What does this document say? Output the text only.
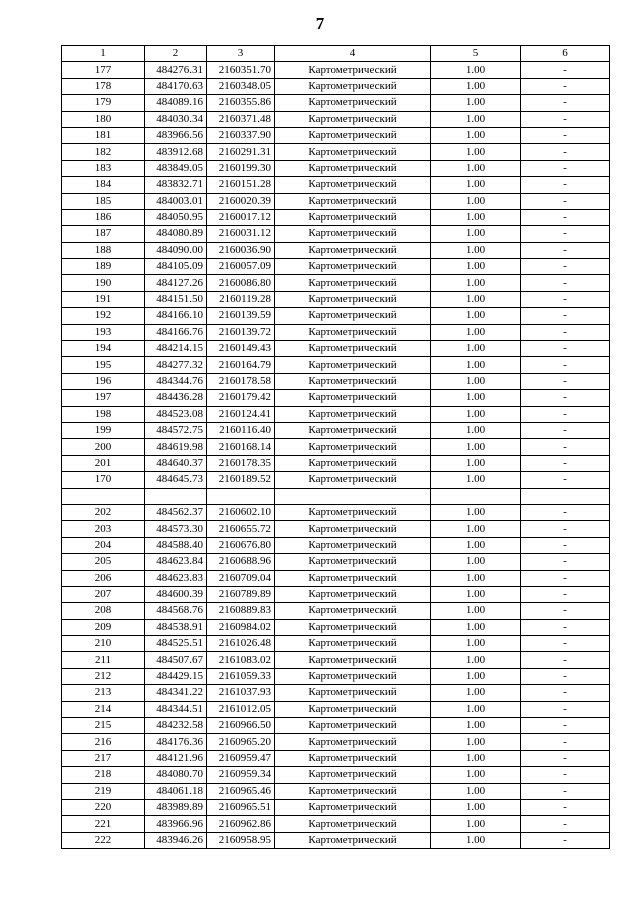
7
1	2	3	4	5	6
177	484276.31	2160351.70	Картометрический	1.00	-
178	484170.63	2160348.05	Картометрический	1.00	-
179	484089.16	2160355.86	Картометрический	1.00	-
180	484030.34	2160371.48	Картометрический	1.00	-
181	483966.56	2160337.90	Картометрический	1.00	-
182	483912.68	2160291.31	Картометрический	1.00	-
183	483849.05	2160199.30	Картометрический	1.00	-
184	483832.71	2160151.28	Картометрический	1.00	-
185	484003.01	2160020.39	Картометрический	1.00	-
186	484050.95	2160017.12	Картометрический	1.00	-
187	484080.89	2160031.12	Картометрический	1.00	-
188	484090.00	2160036.90	Картометрический	1.00	-
189	484105.09	2160057.09	Картометрический	1.00	-
190	484127.26	2160086.80	Картометрический	1.00	-
191	484151.50	2160119.28	Картометрический	1.00	-
192	484166.10	2160139.59	Картометрический	1.00	-
193	484166.76	2160139.72	Картометрический	1.00	-
194	484214.15	2160149.43	Картометрический	1.00	-
195	484277.32	2160164.79	Картометрический	1.00	-
196	484344.76	2160178.58	Картометрический	1.00	-
197	484436.28	2160179.42	Картометрический	1.00	-
198	484523.08	2160124.41	Картометрический	1.00	-
199	484572.75	2160116.40	Картометрический	1.00	-
200	484619.98	2160168.14	Картометрический	1.00	-
201	484640.37	2160178.35	Картометрический	1.00	-
170	484645.73	2160189.52	Картометрический	1.00	-

202	484562.37	2160602.10	Картометрический	1.00	-
203	484573.30	2160655.72	Картометрический	1.00	-
204	484588.40	2160676.80	Картометрический	1.00	-
205	484623.84	2160688.96	Картометрический	1.00	-
206	484623.83	2160709.04	Картометрический	1.00	-
207	484600.39	2160789.89	Картометрический	1.00	-
208	484568.76	2160889.83	Картометрический	1.00	-
209	484538.91	2160984.02	Картометрический	1.00	-
210	484525.51	2161026.48	Картометрический	1.00	-
211	484507.67	2161083.02	Картометрический	1.00	-
212	484429.15	2161059.33	Картометрический	1.00	-
213	484341.22	2161037.93	Картометрический	1.00	-
214	484344.51	2161012.05	Картометрический	1.00	-
215	484232.58	2160966.50	Картометрический	1.00	-
216	484176.36	2160965.20	Картометрический	1.00	-
217	484121.96	2160959.47	Картометрический	1.00	-
218	484080.70	2160959.34	Картометрический	1.00	-
219	484061.18	2160965.46	Картометрический	1.00	-
220	483989.89	2160965.51	Картометрический	1.00	-
221	483966.96	2160962.86	Картометрический	1.00	-
222	483946.26	2160958.95	Картометрический	1.00	-
